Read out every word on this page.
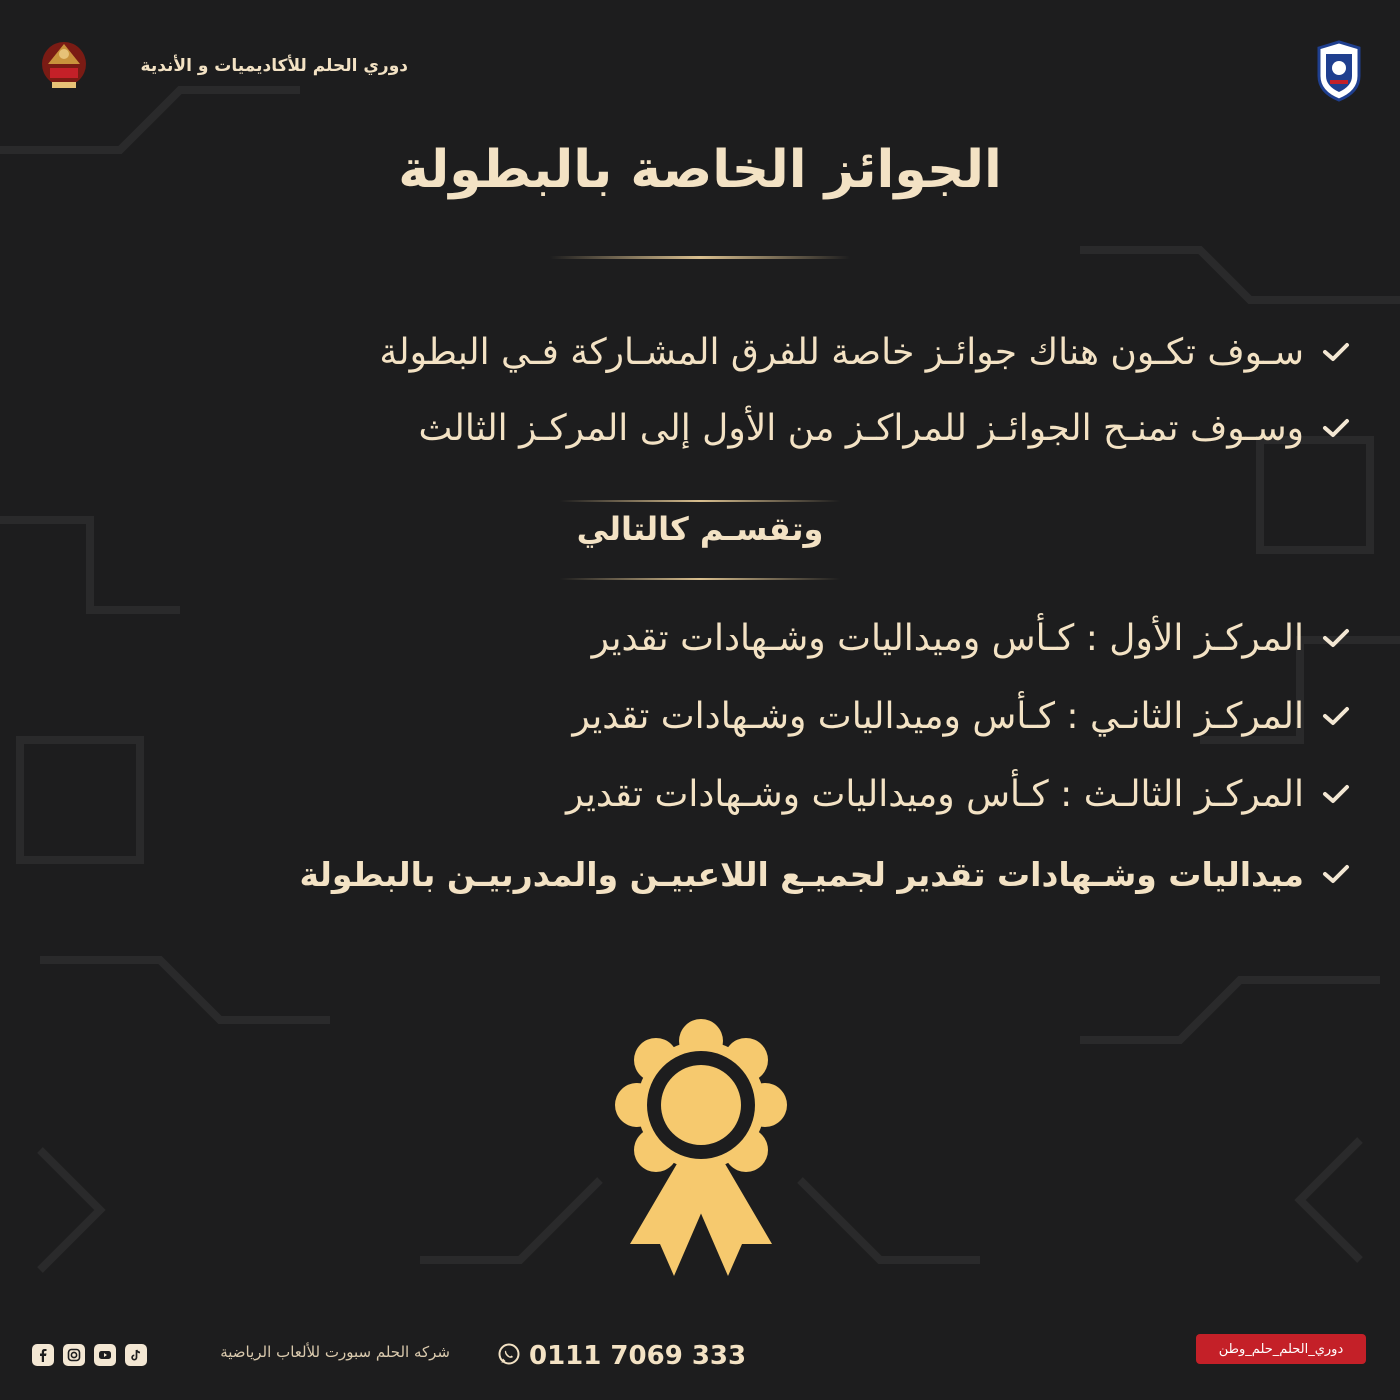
دوري الحلم للأكاديميات و الأندية
الجوائز الخاصة بالبطولة
سـوف تكـون هناك جوائـز خاصة للفرق المشـاركة فـي البطولة
وسـوف تمنـح الجوائـز للمراكـز من الأول إلى المركـز الثالث
وتقسـم كالتالي
المركـز الأول : كـأس وميداليات وشـهادات تقدير
المركـز الثانـي : كـأس وميداليات وشـهادات تقدير
المركـز الثالـث : كـأس وميداليات وشـهادات تقدير
ميداليات وشـهادات تقدير لجميـع اللاعبيـن والمدربيـن بالبطولة
شركه الحلم سبورت للألعاب الرياضية	0111 7069 333	دوري_الحلم_حلم_وطن
